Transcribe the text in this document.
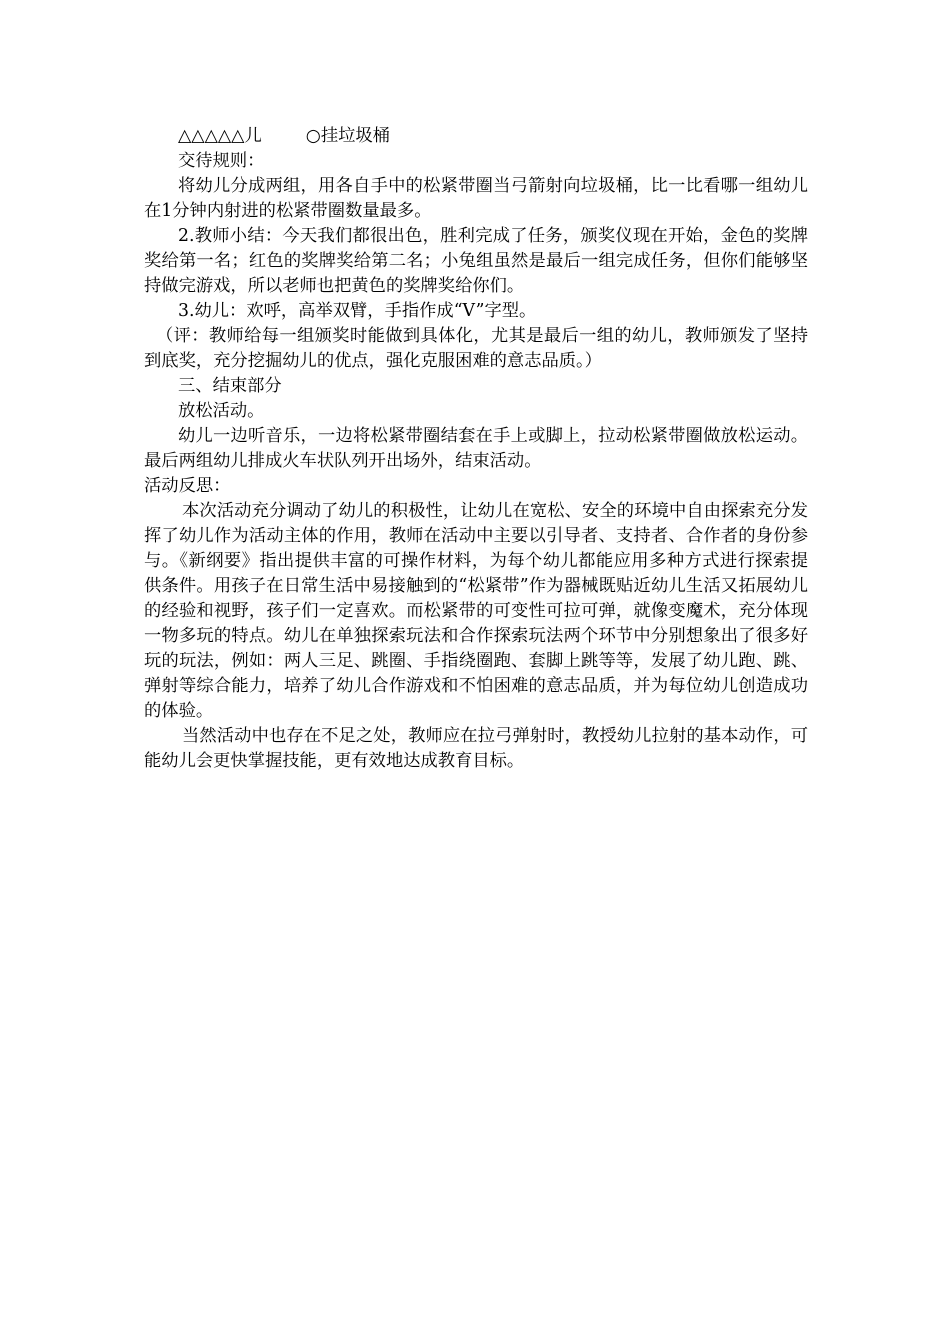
△△△△△儿	○挂垃圾桶

交待规则：

将幼儿分成两组，用各自手中的松紧带圈当弓箭射向垃圾桶，比一比看哪一组幼儿在1分钟内射进的松紧带圈数量最多。

2.教师小结：今天我们都很出色，胜利完成了任务，颁奖仪现在开始，金色的奖牌奖给第一名；红色的奖牌奖给第二名；小兔组虽然是最后一组完成任务，但你们能够坚持做完游戏，所以老师也把黄色的奖牌奖给你们。

3.幼儿：欢呼，高举双臂，手指作成“V”字型。

（评：教师给每一组颁奖时能做到具体化，尤其是最后一组的幼儿，教师颁发了坚持到底奖，充分挖掘幼儿的优点，强化克服困难的意志品质。）

三、结束部分

放松活动。

幼儿一边听音乐，一边将松紧带圈结套在手上或脚上，拉动松紧带圈做放松运动。最后两组幼儿排成火车状队列开出场外，结束活动。

活动反思：

本次活动充分调动了幼儿的积极性，让幼儿在宽松、安全的环境中自由探索充分发挥了幼儿作为活动主体的作用，教师在活动中主要以引导者、支持者、合作者的身份参与。《新纲要》指出提供丰富的可操作材料，为每个幼儿都能应用多种方式进行探索提供条件。用孩子在日常生活中易接触到的“松紧带”作为器械既贴近幼儿生活又拓展幼儿的经验和视野，孩子们一定喜欢。而松紧带的可变性可拉可弹，就像变魔术，充分体现一物多玩的特点。幼儿在单独探索玩法和合作探索玩法两个环节中分别想象出了很多好玩的玩法，例如：两人三足、跳圈、手指绕圈跑、套脚上跳等等，发展了幼儿跑、跳、弹射等综合能力，培养了幼儿合作游戏和不怕困难的意志品质，并为每位幼儿创造成功的体验。

当然活动中也存在不足之处，教师应在拉弓弹射时，教授幼儿拉射的基本动作，可能幼儿会更快掌握技能，更有效地达成教育目标。
